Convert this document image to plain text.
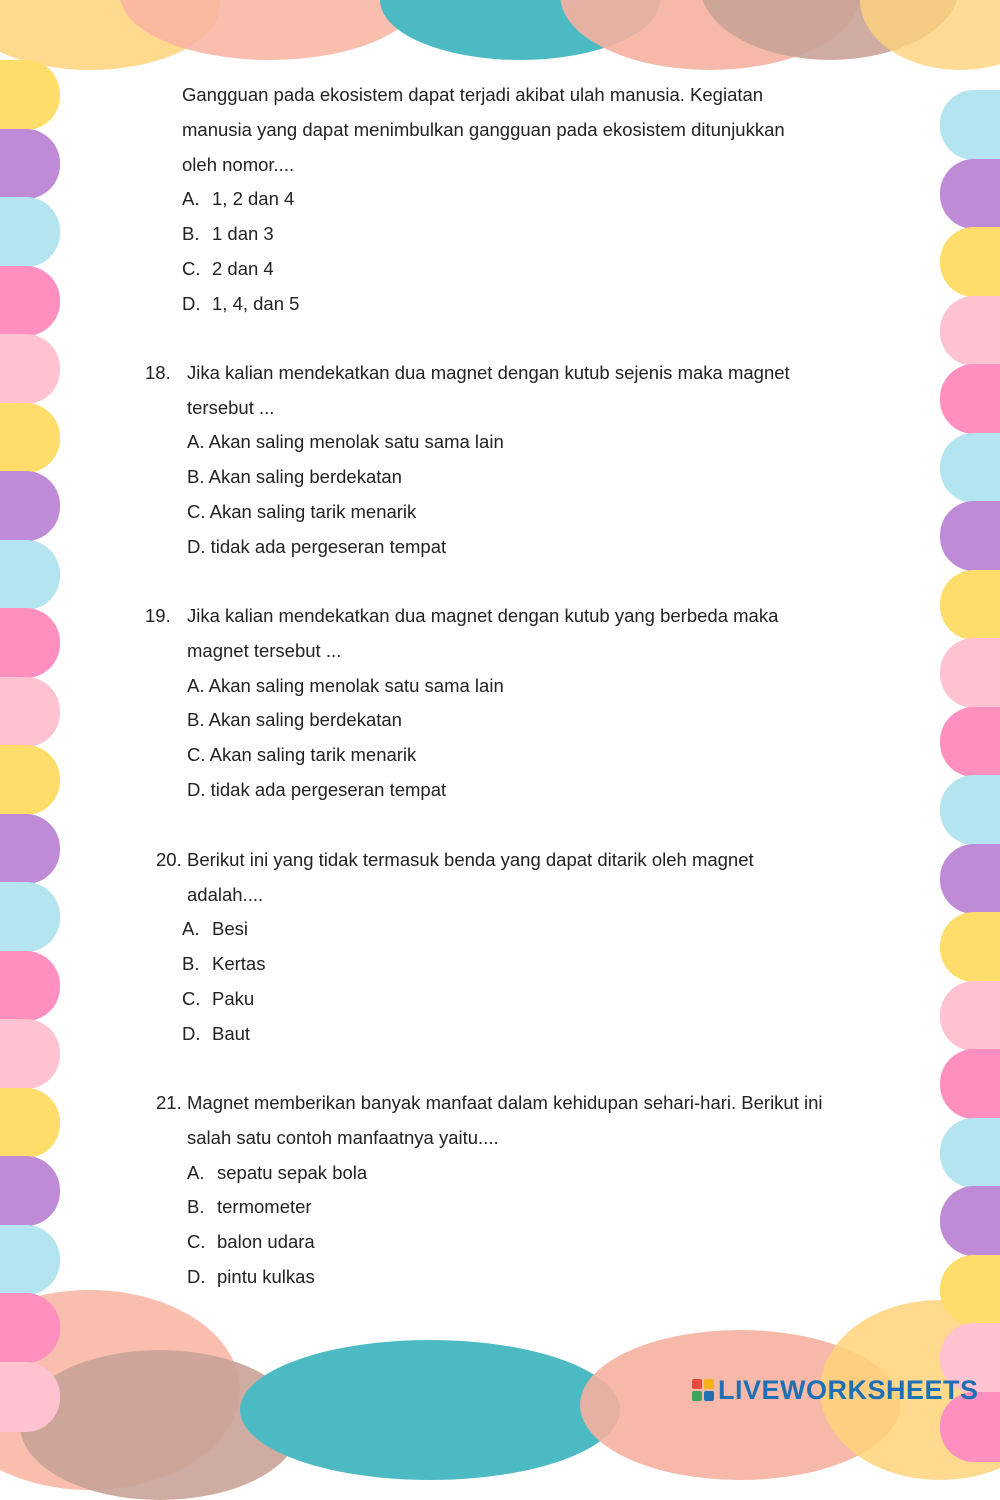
Gangguan pada ekosistem dapat terjadi akibat ulah manusia. Kegiatan
manusia yang dapat menimbulkan gangguan pada ekosistem ditunjukkan
oleh nomor....
A. 1, 2 dan 4
B. 1 dan 3
C. 2 dan 4
D. 1, 4, dan 5
18. Jika kalian mendekatkan dua magnet dengan kutub sejenis maka magnet
tersebut ...
A. Akan saling menolak satu sama lain
B. Akan saling berdekatan
C. Akan saling tarik menarik
D. tidak ada pergeseran tempat
19. Jika kalian mendekatkan dua magnet dengan kutub yang berbeda maka
magnet tersebut ...
A. Akan saling menolak satu sama lain
B. Akan saling berdekatan
C. Akan saling tarik menarik
D. tidak ada pergeseran tempat
20. Berikut ini yang tidak termasuk benda yang dapat ditarik oleh magnet
adalah....
A. Besi
B. Kertas
C. Paku
D. Baut
21. Magnet memberikan banyak manfaat dalam kehidupan sehari-hari. Berikut ini
salah satu contoh manfaatnya yaitu....
A. sepatu sepak bola
B. termometer
C. balon udara
D. pintu kulkas
LIVEWORKSHEETS
